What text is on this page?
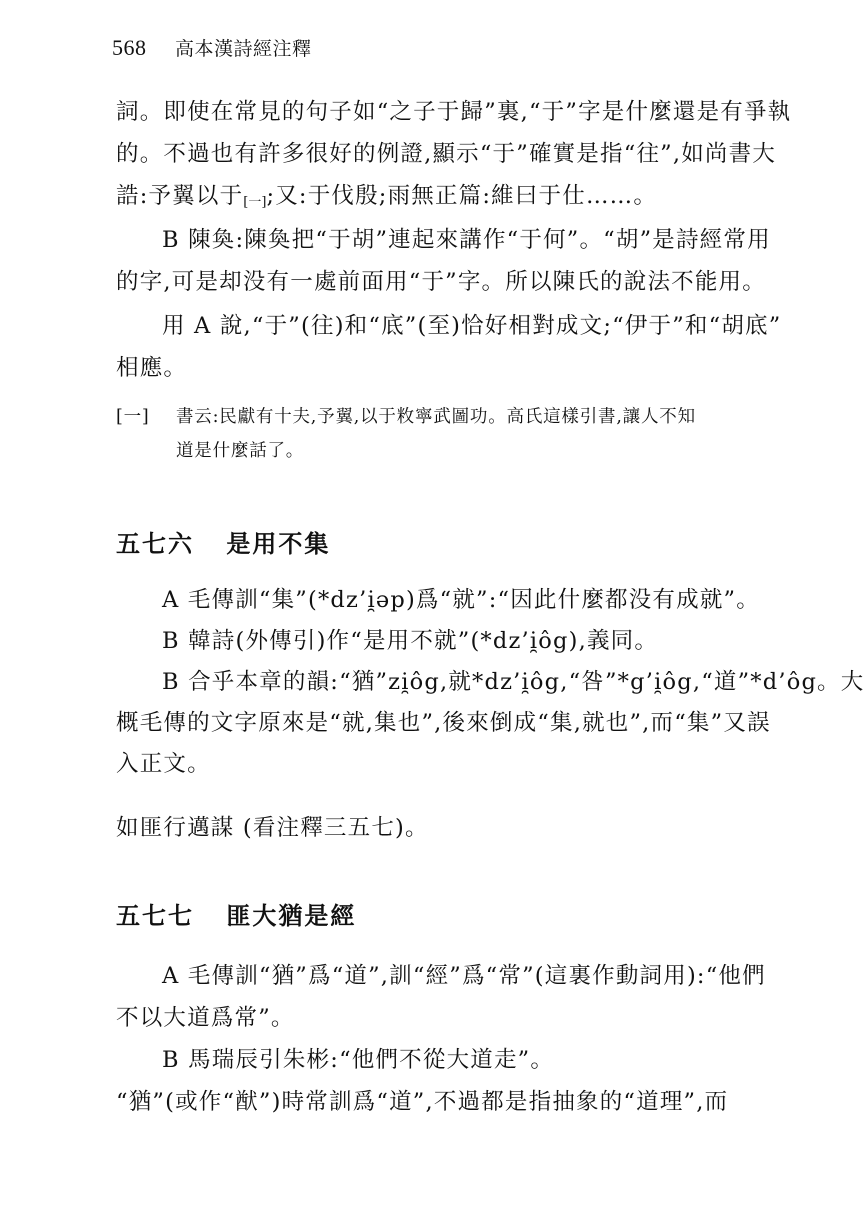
568 高本漢詩經注釋
詞。即使在常見的句子如“之子于歸”裏,“于”字是什麼還是有爭執
的。不過也有許多很好的例證,顯示“于”確實是指“往”,如尚書大
誥:予翼以于$_{[一]}$;又:于伐殷;雨無正篇:維曰于仕……。
B 陳奐:陳奐把“于胡”連起來講作“于何”。“胡”是詩經常用
的字,可是却没有一處前面用“于”字。所以陳氏的說法不能用。
用 A 說,“于”(往)和“底”(至)恰好相對成文;“伊于”和“胡底”
相應。
[一]	書云:民獻有十夫,予翼,以于敉寧武圖功。高氏這樣引書,讓人不知
道是什麼話了。
五七六 是用不集
A 毛傳訓“集”(*dz’i̯əp)爲“就”:“因此什麼都没有成就”。
B 韓詩(外傳引)作“是用不就”(*dz’i̯ôg),義同。
B 合乎本章的韻:“猶”zi̯ôg,就*dz’i̯ôg,“咎”*g’i̯ôg,“道”*d’ôg。大
概毛傳的文字原來是“就,集也”,後來倒成“集,就也”,而“集”又誤
入正文。
如匪行邁謀 (看注釋三五七)。
五七七 匪大猶是經
A 毛傳訓“猶”爲“道”,訓“經”爲“常”(這裏作動詞用):“他們
不以大道爲常”。
B 馬瑞辰引朱彬:“他們不從大道走”。
“猶”(或作“猷”)時常訓爲“道”,不過都是指抽象的“道理”,而
